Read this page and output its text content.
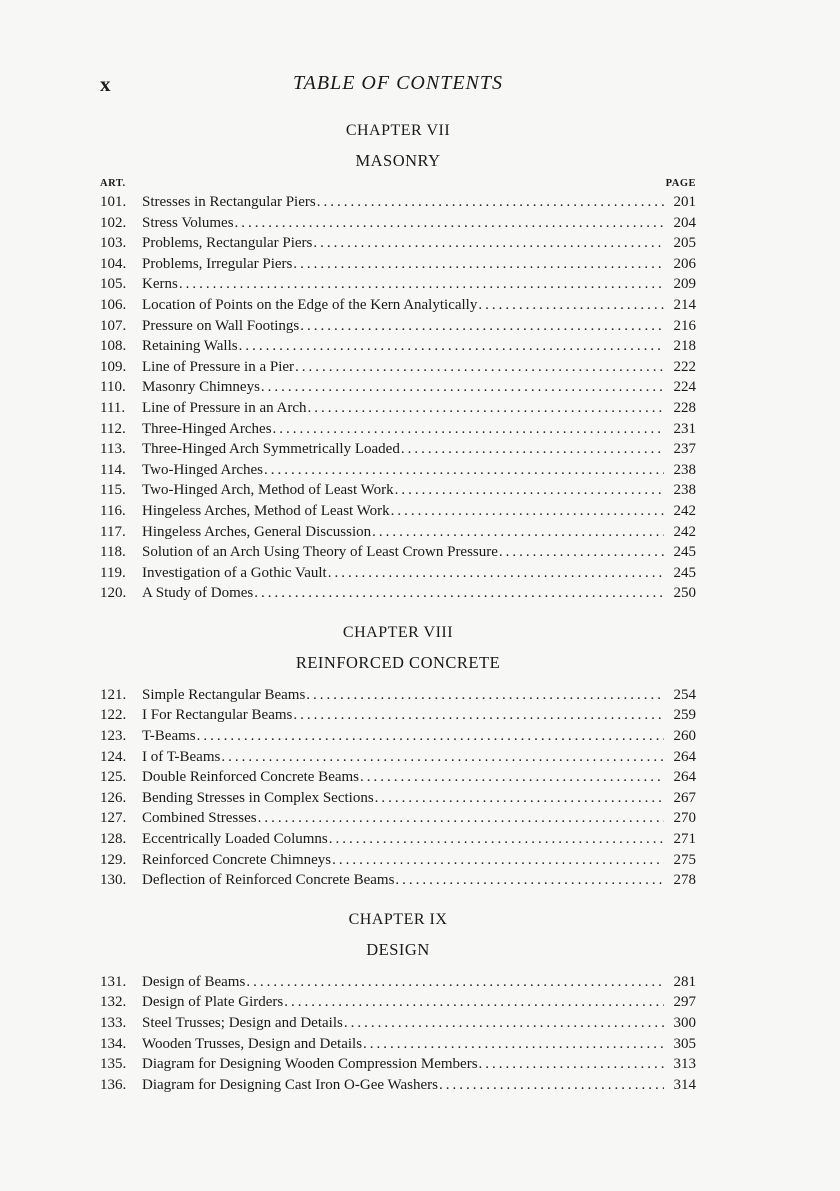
x	TABLE OF CONTENTS
CHAPTER VII
MASONRY
ART.	PAGE
101.	Stresses in Rectangular Piers .....	201
102.	Stress Volumes .....	204
103.	Problems, Rectangular Piers .....	205
104.	Problems, Irregular Piers .....	206
105.	Kerns .....	209
106.	Location of Points on the Edge of the Kern Analytically .....	214
107.	Pressure on Wall Footings .....	216
108.	Retaining Walls .....	218
109.	Line of Pressure in a Pier .....	222
110.	Masonry Chimneys .....	224
111.	Line of Pressure in an Arch .....	228
112.	Three-Hinged Arches .....	231
113.	Three-Hinged Arch Symmetrically Loaded .....	237
114.	Two-Hinged Arches .....	238
115.	Two-Hinged Arch, Method of Least Work .....	238
116.	Hingeless Arches, Method of Least Work .....	242
117.	Hingeless Arches, General Discussion .....	242
118.	Solution of an Arch Using Theory of Least Crown Pressure .....	245
119.	Investigation of a Gothic Vault .....	245
120.	A Study of Domes .....	250
CHAPTER VIII
REINFORCED CONCRETE
121.	Simple Rectangular Beams .....	254
122.	I For Rectangular Beams .....	259
123.	T-Beams .....	260
124.	I of T-Beams .....	264
125.	Double Reinforced Concrete Beams .....	264
126.	Bending Stresses in Complex Sections .....	267
127.	Combined Stresses .....	270
128.	Eccentrically Loaded Columns .....	271
129.	Reinforced Concrete Chimneys .....	275
130.	Deflection of Reinforced Concrete Beams .....	278
CHAPTER IX
DESIGN
131.	Design of Beams .....	281
132.	Design of Plate Girders .....	297
133.	Steel Trusses; Design and Details .....	300
134.	Wooden Trusses, Design and Details .....	305
135.	Diagram for Designing Wooden Compression Members .....	313
136.	Diagram for Designing Cast Iron O-Gee Washers .....	314
